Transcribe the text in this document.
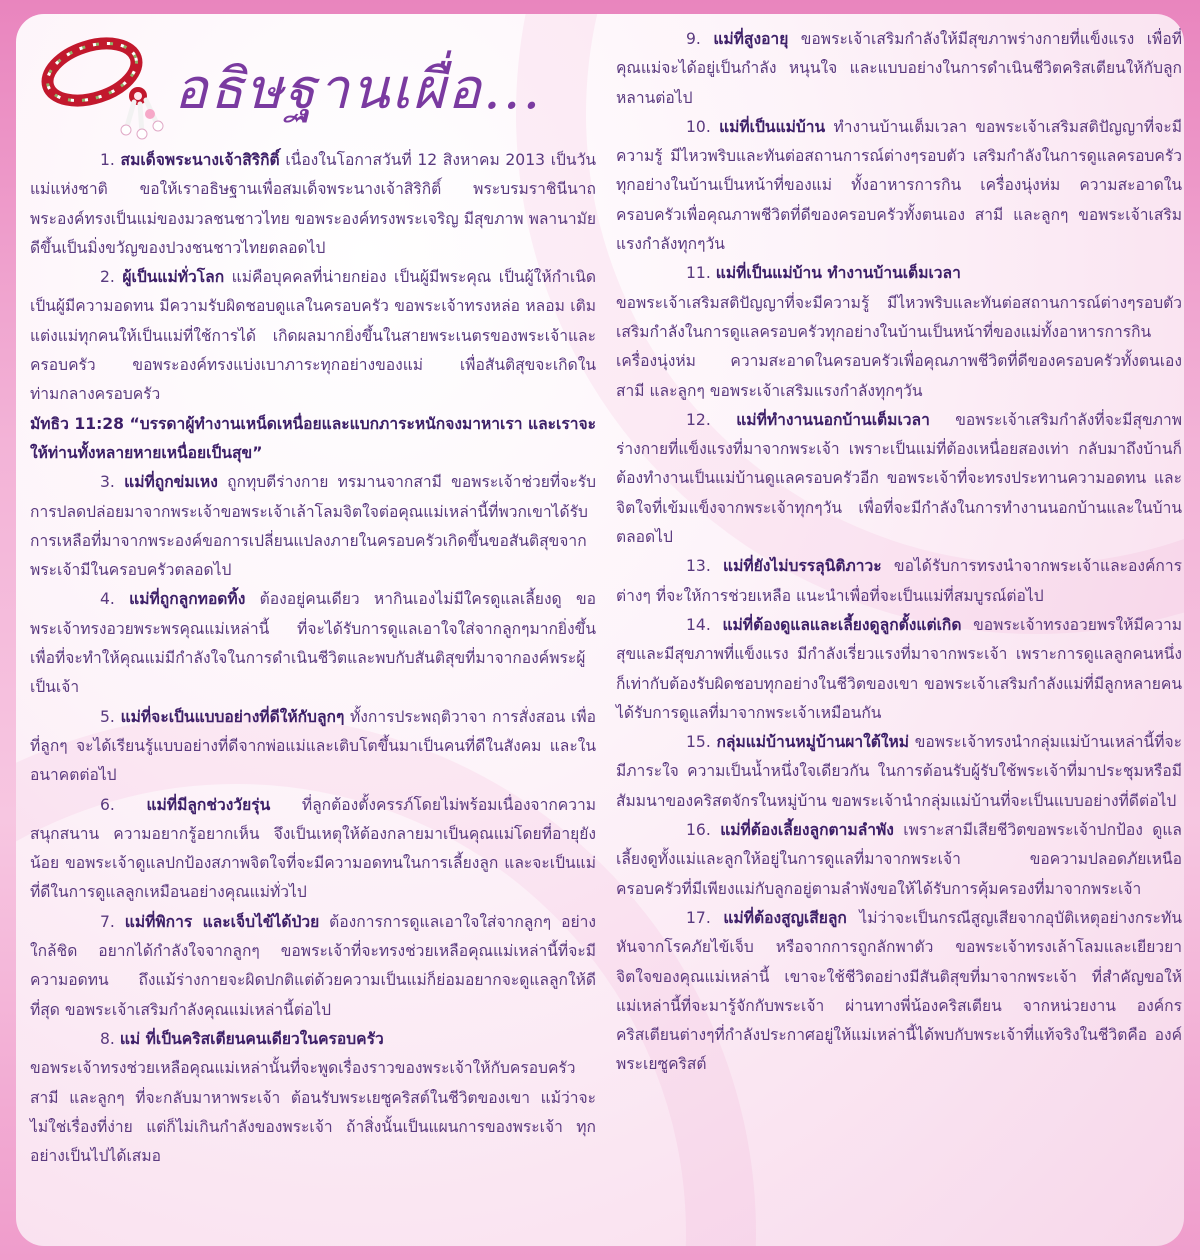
อธิษฐานเผื่อ...

1. สมเด็จพระนางเจ้าสิริกิติ์ เนื่องในโอกาสวันที่ 12 สิงหาคม 2013 เป็นวันแม่แห่งชาติ ขอให้เราอธิษฐานเพื่อสมเด็จพระนางเจ้าสิริกิติ์ พระบรมราชินีนาถ พระองค์ทรงเป็นแม่ของมวลชนชาวไทย ขอพระองค์ทรงพระเจริญ มีสุขภาพ พลานามัยดีขึ้นเป็นมิ่งขวัญของปวงชนชาวไทยตลอดไป

2. ผู้เป็นแม่ทั่วโลก แม่คือบุคคลที่น่ายกย่อง เป็นผู้มีพระคุณ เป็นผู้ให้กำเนิด เป็นผู้มีความอดทน มีความรับผิดชอบดูแลในครอบครัว ขอพระเจ้าทรงหล่อ หลอม เติม แต่งแม่ทุกคนให้เป็นแม่ที่ใช้การได้ เกิดผลมากยิ่งขึ้นในสายพระเนตรของพระเจ้าและครอบครัว ขอพระองค์ทรงแบ่งเบาภาระทุกอย่างของแม่ เพื่อสันติสุขจะเกิดในท่ามกลางครอบครัว

มัทธิว 11:28 “บรรดาผู้ทำงานเหน็ดเหนื่อยและแบกภาระหนักจงมาหาเรา และเราจะให้ท่านทั้งหลายหายเหนื่อยเป็นสุข”

3. แม่ที่ถูกข่มเหง ถูกทุบตีร่างกาย ทรมานจากสามี ขอพระเจ้าช่วยที่จะรับการปลดปล่อยมาจากพระเจ้าขอพระเจ้าเล้าโลมจิตใจต่อคุณแม่เหล่านี้ที่พวกเขาได้รับการเหลือที่มาจากพระองค์ขอการเปลี่ยนแปลงภายในครอบครัวเกิดขึ้นขอสันติสุขจากพระเจ้ามีในครอบครัวตลอดไป

4. แม่ที่ถูกลูกทอดทิ้ง ต้องอยู่คนเดียว หากินเองไม่มีใครดูแลเลี้ยงดู ขอพระเจ้าทรงอวยพระพรคุณแม่เหล่านี้ ที่จะได้รับการดูแลเอาใจใส่จากลูกๆมากยิ่งขึ้น เพื่อที่จะทำให้คุณแม่มีกำลังใจในการดำเนินชีวิตและพบกับสันติสุขที่มาจากองค์พระผู้เป็นเจ้า

5. แม่ที่จะเป็นแบบอย่างที่ดีให้กับลูกๆ ทั้งการประพฤติวาจา การสั่งสอน เพื่อที่ลูกๆ จะได้เรียนรู้แบบอย่างที่ดีจากพ่อแม่และเติบโตขึ้นมาเป็นคนที่ดีในสังคม และในอนาคตต่อไป

6. แม่ที่มีลูกช่วงวัยรุ่น ที่ลูกต้องตั้งครรภ์โดยไม่พร้อมเนื่องจากความสนุกสนาน ความอยากรู้อยากเห็น จึงเป็นเหตุให้ต้องกลายมาเป็นคุณแม่โดยที่อายุยังน้อย ขอพระเจ้าดูแลปกป้องสภาพจิตใจที่จะมีความอดทนในการเลี้ยงลูก และจะเป็นแม่ที่ดีในการดูแลลูกเหมือนอย่างคุณแม่ทั่วไป

7. แม่ที่พิการ และเจ็บไข้ได้ป่วย ต้องการการดูแลเอาใจใส่จากลูกๆ อย่างใกล้ชิด อยากได้กำลังใจจากลูกๆ ขอพระเจ้าที่จะทรงช่วยเหลือคุณแม่เหล่านี้ที่จะมีความอดทน ถึงแม้ร่างกายจะผิดปกติแต่ด้วยความเป็นแม่ก็ย่อมอยากจะดูแลลูกให้ดีที่สุด ขอพระเจ้าเสริมกำลังคุณแม่เหล่านี้ต่อไป

8. แม่ ที่เป็นคริสเตียนคนเดียวในครอบครัว

ขอพระเจ้าทรงช่วยเหลือคุณแม่เหล่านั้นที่จะพูดเรื่องราวของพระเจ้าให้กับครอบครัว สามี และลูกๆ ที่จะกลับมาหาพระเจ้า ต้อนรับพระเยซูคริสต์ในชีวิตของเขา แม้ว่าจะไม่ใช่เรื่องที่ง่าย แต่ก็ไม่เกินกำลังของพระเจ้า ถ้าสิ่งนั้นเป็นแผนการของพระเจ้า ทุกอย่างเป็นไปได้เสมอ

9. แม่ที่สูงอายุ ขอพระเจ้าเสริมกำลังให้มีสุขภาพร่างกายที่แข็งแรง เพื่อที่คุณแม่จะได้อยู่เป็นกำลัง หนุนใจ และแบบอย่างในการดำเนินชีวิตคริสเตียนให้กับลูกหลานต่อไป

10. แม่ที่เป็นแม่บ้าน ทำงานบ้านเต็มเวลา ขอพระเจ้าเสริมสติปัญญาที่จะมีความรู้ มีไหวพริบและทันต่อสถานการณ์ต่างๆรอบตัว เสริมกำลังในการดูแลครอบครัว ทุกอย่างในบ้านเป็นหน้าที่ของแม่ ทั้งอาหารการกิน เครื่องนุ่งห่ม ความสะอาดในครอบครัวเพื่อคุณภาพชีวิตที่ดีของครอบครัวทั้งตนเอง สามี และลูกๆ ขอพระเจ้าเสริมแรงกำลังทุกๆวัน

11. แม่ที่เป็นแม่บ้าน ทำงานบ้านเต็มเวลา

ขอพระเจ้าเสริมสติปัญญาที่จะมีความรู้ มีไหวพริบและทันต่อสถานการณ์ต่างๆรอบตัวเสริมกำลังในการดูแลครอบครัวทุกอย่างในบ้านเป็นหน้าที่ของแม่ทั้งอาหารการกิน เครื่องนุ่งห่ม ความสะอาดในครอบครัวเพื่อคุณภาพชีวิตที่ดีของครอบครัวทั้งตนเอง สามี และลูกๆ ขอพระเจ้าเสริมแรงกำลังทุกๆวัน

12. แม่ที่ทำงานนอกบ้านเต็มเวลา ขอพระเจ้าเสริมกำลังที่จะมีสุขภาพร่างกายที่แข็งแรงที่มาจากพระเจ้า เพราะเป็นแม่ที่ต้องเหนื่อยสองเท่า กลับมาถึงบ้านก็ต้องทำงานเป็นแม่บ้านดูแลครอบครัวอีก ขอพระเจ้าที่จะทรงประทานความอดทน และจิตใจที่เข้มแข็งจากพระเจ้าทุกๆวัน เพื่อที่จะมีกำลังในการทำงานนอกบ้านและในบ้านตลอดไป

13. แม่ที่ยังไม่บรรลุนิติภาวะ ขอได้รับการทรงนำจากพระเจ้าและองค์การต่างๆ ที่จะให้การช่วยเหลือ แนะนำเพื่อที่จะเป็นแม่ที่สมบูรณ์ต่อไป

14. แม่ที่ต้องดูแลและเลี้ยงดูลูกตั้งแต่เกิด ขอพระเจ้าทรงอวยพรให้มีความสุขและมีสุขภาพที่แข็งแรง มีกำลังเรี่ยวแรงที่มาจากพระเจ้า เพราะการดูแลลูกคนหนึ่งก็เท่ากับต้องรับผิดชอบทุกอย่างในชีวิตของเขา ขอพระเจ้าเสริมกำลังแม่ที่มีลูกหลายคนได้รับการดูแลที่มาจากพระเจ้าเหมือนกัน

15. กลุ่มแม่บ้านหมู่บ้านผาใต้ใหม่ ขอพระเจ้าทรงนำกลุ่มแม่บ้านเหล่านี้ที่จะมีภาระใจ ความเป็นน้ำหนึ่งใจเดียวกัน ในการต้อนรับผู้รับใช้พระเจ้าที่มาประชุมหรือมีสัมมนาของคริสตจักรในหมู่บ้าน ขอพระเจ้านำกลุ่มแม่บ้านที่จะเป็นแบบอย่างที่ดีต่อไป

16. แม่ที่ต้องเลี้ยงลูกตามลำพัง เพราะสามีเสียชีวิตขอพระเจ้าปกป้อง ดูแลเลี้ยงดูทั้งแม่และลูกให้อยู่ในการดูแลที่มาจากพระเจ้า ขอความปลอดภัยเหนือครอบครัวที่มีเพียงแม่กับลูกอยู่ตามลำพังขอให้ได้รับการคุ้มครองที่มาจากพระเจ้า

17. แม่ที่ต้องสูญเสียลูก ไม่ว่าจะเป็นกรณีสูญเสียจากอุบัติเหตุอย่างกระทันหันจากโรคภัยไข้เจ็บ หรือจากการถูกลักพาตัว ขอพระเจ้าทรงเล้าโลมและเยียวยาจิตใจของคุณแม่เหล่านี้ เขาจะใช้ชีวิตอย่างมีสันติสุขที่มาจากพระเจ้า ที่สำคัญขอให้แม่เหล่านี้ที่จะมารู้จักกับพระเจ้า ผ่านทางพี่น้องคริสเตียน จากหน่วยงาน องค์กรคริสเตียนต่างๆที่กำลังประกาศอยู่ให้แม่เหล่านี้ได้พบกับพระเจ้าที่แท้จริงในชีวิตคือ องค์พระเยซูคริสต์
